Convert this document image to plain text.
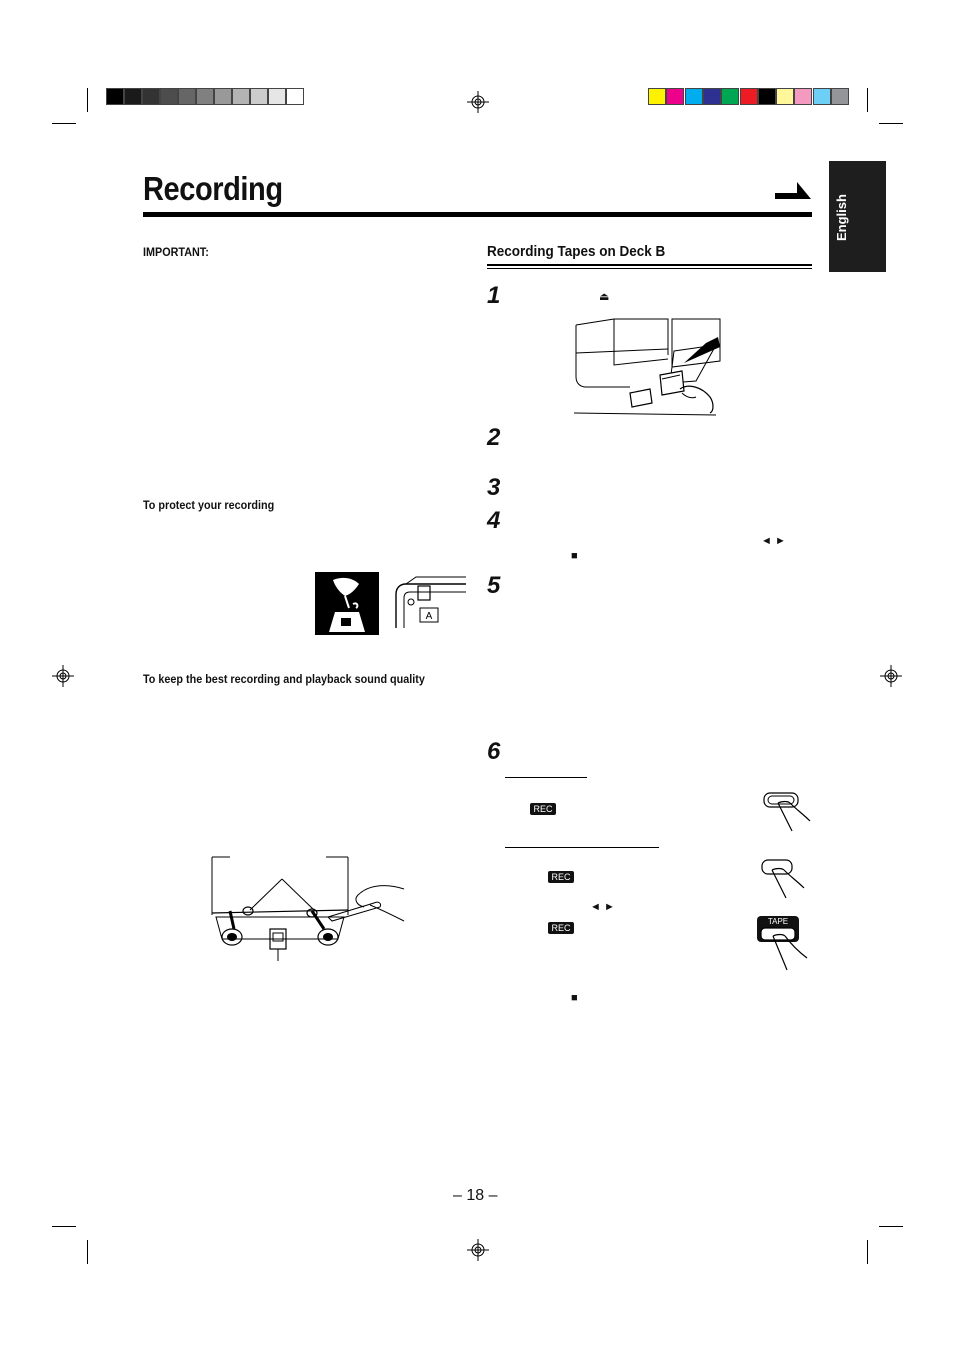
Recording
English
IMPORTANT:
To protect your recording
A
To keep the best recording and playback sound quality
Recording Tapes on Deck B
1	⏏
2
3
4
◄ ►
■
5
6
REC
REC
◄ ►
REC
TAPE
■
– 18 –
